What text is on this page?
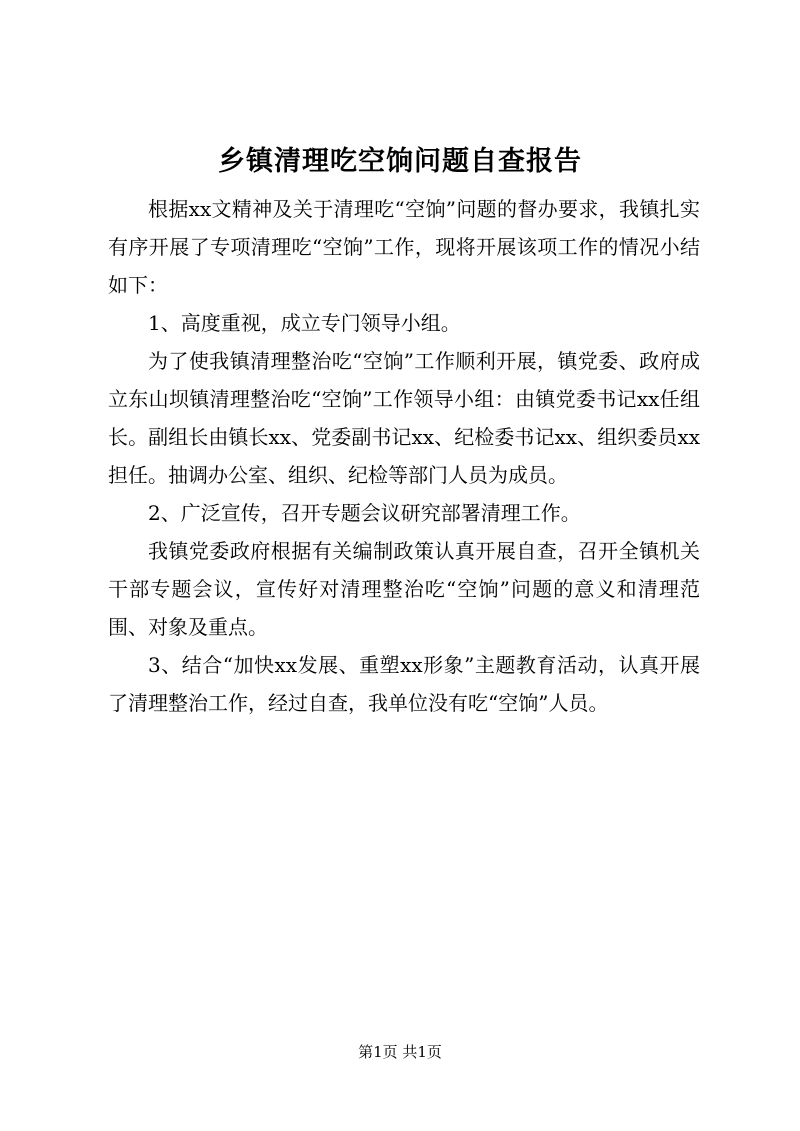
乡镇清理吃空饷问题自查报告

根据xx文精神及关于清理吃“空饷”问题的督办要求，我镇扎实有序开展了专项清理吃“空饷”工作，现将开展该项工作的情况小结如下：

1、高度重视，成立专门领导小组。

为了使我镇清理整治吃“空饷”工作顺利开展，镇党委、政府成立东山坝镇清理整治吃“空饷”工作领导小组：由镇党委书记xx任组长。副组长由镇长xx、党委副书记xx、纪检委书记xx、组织委员xx担任。抽调办公室、组织、纪检等部门人员为成员。

2、广泛宣传，召开专题会议研究部署清理工作。

我镇党委政府根据有关编制政策认真开展自查，召开全镇机关干部专题会议，宣传好对清理整治吃“空饷”问题的意义和清理范围、对象及重点。

3、结合“加快xx发展、重塑xx形象”主题教育活动，认真开展了清理整治工作，经过自查，我单位没有吃“空饷”人员。

第1页 共1页
